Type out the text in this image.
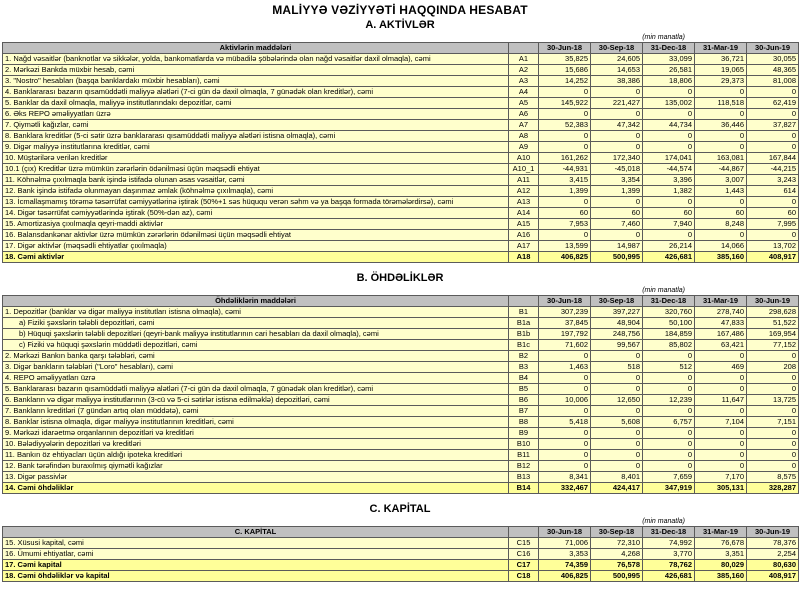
MALİYYƏ VƏZİYYƏTİ HAQQINDA HESABAT
A. AKTİVLƏR
(min manatla)
Aktivlərin maddələri		30-Jun-18	30-Sep-18	31-Dec-18	31-Mar-19	30-Jun-19
1. Nağd vəsaitlər (banknotlar və sikkələr, yolda, bankomatlarda və mübadilə şöbələrində olan nağd vəsaitlər daxil olmaqla), cəmi	A1	35,825	24,605	33,099	36,721	30,055
2. Mərkəzi Bankda müxbir hesab, cəmi	A2	15,686	14,653	26,581	19,065	48,365
3. "Nostro" hesabları (başqa banklardakı müxbir hesabları), cəmi	A3	14,252	38,386	18,806	29,373	81,008
4. Banklararası bazarın qısamüddətli maliyyə alətləri (7-ci gün də daxil olmaqla, 7 günədək olan kreditlər), cəmi	A4	0	0	0	0	0
5. Banklar da daxil olmaqla, maliyyə institutlarındakı depozitlər, cəmi	A5	145,922	221,427	135,002	118,518	62,419
6. Əks REPO əməliyyatları üzrə	A6	0	0	0	0	0
7. Qiymətli kağızlar, cəmi	A7	52,383	47,342	44,734	36,446	37,827
8. Banklara kreditlər (5-ci sətir üzrə banklararası qısamüddətli maliyyə alətləri istisna olmaqla), cəmi	A8	0	0	0	0	0
9. Digər maliyyə institutlarına kreditlər, cəmi	A9	0	0	0	0	0
10. Müştərilərə verilən kreditlər	A10	161,262	172,340	174,041	163,081	167,844
10.1 (çıx) Kreditlər üzrə mümkün zərərlərin ödənilməsi üçün məqsədli ehtiyat	A10_1	-44,931	-45,018	-44,574	-44,867	-44,215
11. Köhnəlmə çıxılmaqla bank işində istifadə olunan əsas vəsaitlər, cəmi	A11	3,415	3,354	3,396	3,007	3,243
12. Bank işində istifadə olunmayan daşınmaz əmlak (köhnəlmə çıxılmaqla), cəmi	A12	1,399	1,399	1,382	1,443	614
13. İcmallaşmamış törəmə təsərrüfat cəmiyyətlərinə iştirak (50%+1 səs hüququ verən səhm və ya başqa formada törəmələrdirsə), cəmi	A13	0	0	0	0	0
14. Digər təsərrüfat cəmiyyətlərində iştirak (50%-dən az), cəmi	A14	60	60	60	60	60
15. Amortizasiya çıxılmaqla qeyri-maddi aktivlər	A15	7,953	7,460	7,940	8,248	7,995
16. Balansdankənar aktivlər üzrə mümkün zərərlərin ödənilməsi üçün məqsədli ehtiyat	A16	0	0	0	0	0
17. Digər aktivlər (məqsədli ehtiyatlar çıxılmaqla)	A17	13,599	14,987	26,214	14,066	13,702
18. Cəmi aktivlər	A18	406,825	500,995	426,681	385,160	408,917
B. ÖHDƏLİKLƏR
(min manatla)
Öhdəliklərin maddələri		30-Jun-18	30-Sep-18	31-Dec-18	31-Mar-19	30-Jun-19
1. Depozitlər (banklar və digər maliyyə institutları istisna olmaqla), cəmi	B1	307,239	397,227	320,760	278,740	298,628
a) Fiziki şəxslərin tələbli depozitləri, cəmi	B1a	37,845	48,904	50,100	47,833	51,522
b) Hüquqi şəxslərin tələbli depozitləri (qeyri-bank maliyyə institutlarının cari hesabları da daxil olmaqla), cəmi	B1b	197,792	248,756	184,859	167,486	169,954
c) Fiziki və hüquqi şəxslərin müddətli depozitləri, cəmi	B1c	71,602	99,567	85,802	63,421	77,152
2. Mərkəzi Bankın banka qarşı tələbləri, cəmi	B2	0	0	0	0	0
3. Digər bankların tələbləri ("Loro" hesabları), cəmi	B3	1,463	518	512	469	208
4. REPO əməliyyatları üzrə	B4	0	0	0	0	0
5. Banklararası bazarın qısamüddətli maliyyə alətləri (7-ci gün də daxil olmaqla, 7 günədək olan kreditlər), cəmi	B5	0	0	0	0	0
6. Bankların və digər maliyyə institutlarının (3-cü və 5-ci sətirlər istisna edilməklə) depozitləri, cəmi	B6	10,006	12,650	12,239	11,647	13,725
7. Bankların kreditləri (7 gündən artıq olan müddətə), cəmi	B7	0	0	0	0	0
8. Banklar istisna olmaqla, digər maliyyə institutlarının kreditləri, cəmi	B8	5,418	5,608	6,757	7,104	7,151
9. Mərkəzi idarəetmə orqanlarının depozitləri və kreditləri	B9	0	0	0	0	0
10. Bələdiyyələrin depozitləri və kreditləri	B10	0	0	0	0	0
11. Bankın öz ehtiyacları üçün aldığı ipoteka kreditləri	B11	0	0	0	0	0
12. Bank tərəfindən buraxılmış qiymətli kağızlar	B12	0	0	0	0	0
13. Digər passivlər	B13	8,341	8,401	7,659	7,170	8,575
14. Cəmi öhdəliklər	B14	332,467	424,417	347,919	305,131	328,287
C. KAPİTAL
(min manatla)
C. KAPİTAL		30-Jun-18	30-Sep-18	31-Dec-18	31-Mar-19	30-Jun-19
15. Xüsusi kapital, cəmi	C15	71,006	72,310	74,992	76,678	78,376
16. Ümumi ehtiyatlar, cəmi	C16	3,353	4,268	3,770	3,351	2,254
17. Cəmi kapital	C17	74,359	76,578	78,762	80,029	80,630
18. Cəmi öhdəliklər və kapital	C18	406,825	500,995	426,681	385,160	408,917
